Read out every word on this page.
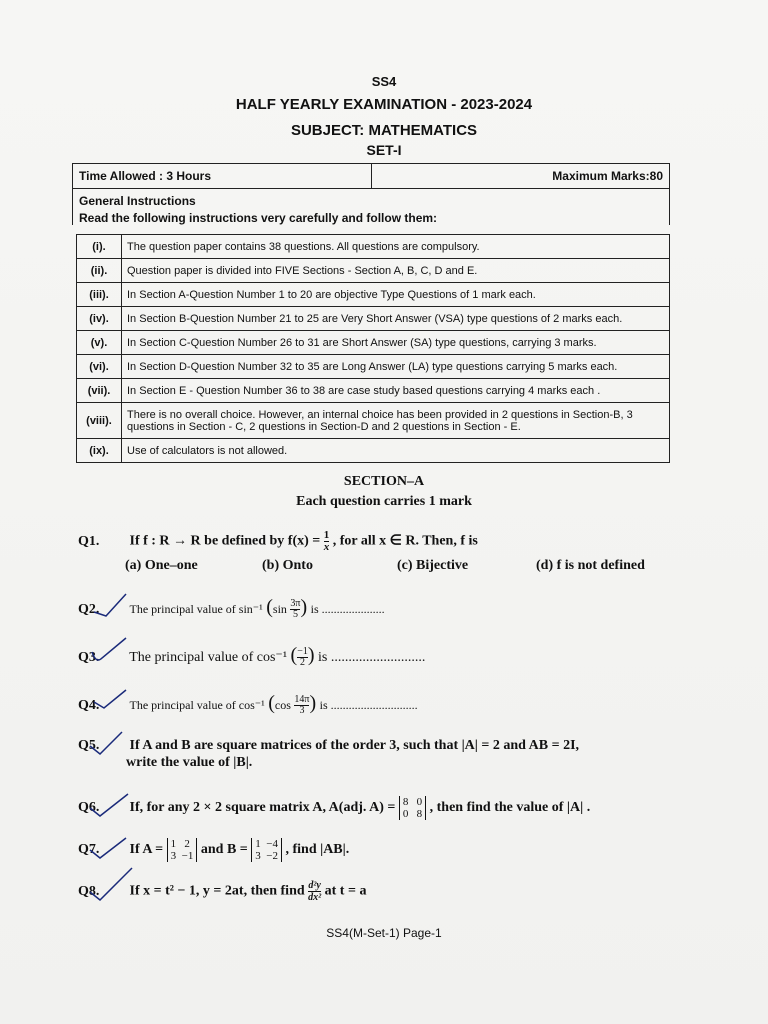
SS4
HALF YEARLY EXAMINATION - 2023-2024
SUBJECT: MATHEMATICS
SET-I
Time Allowed : 3 Hours	Maximum Marks:80
General Instructions
Read the following instructions very carefully and follow them:
(i).	The question paper contains 38 questions. All questions are compulsory.
(ii).	Question paper is divided into FIVE Sections - Section A, B, C, D and E.
(iii).	In Section A-Question Number 1 to 20 are objective Type Questions of 1 mark each.
(iv).	In Section B-Question Number 21 to 25 are Very Short Answer (VSA) type questions of 2 marks each.
(v).	In Section C-Question Number 26 to 31 are Short Answer (SA) type questions, carrying 3 marks.
(vi).	In Section D-Question Number 32 to 35 are Long Answer (LA) type questions carrying 5 marks each.
(vii).	In Section E - Question Number 36 to 38 are case study based questions carrying 4 marks each .
(viii).	There is no overall choice. However, an internal choice has been provided in 2 questions in Section-B, 3 questions in Section - C, 2 questions in Section-D and 2 questions in Section - E.
(ix).	Use of calculators is not allowed.
SECTION–A
Each question carries 1 mark
Q1. If f : R → R be defined by $f(x) = \frac{1}{x}$ , for all x ∈ R. Then, f is
(a) One–one	(b) Onto	(c) Bijective	(d) f is not defined
Q2.	The principal value of sin⁻¹ ($\sin \frac{3\pi}{5}$ ) is .....................
Q3. The principal value of cos⁻¹ ( $\frac{-1}{2}$ ) is ...........................
Q4.	The principal value of cos⁻¹ ($\cos \frac{14\pi}{3}$ ) is .............................
Q5. If A and B are square matrices of the order 3, such that |A| = 2 and AB = 2I,
write the value of |B|.
Q6. If, for any 2 × 2 square matrix A, A(adj. A) = 8 0
0 8 , then find the value of |A| .
Q7. If A = 1 2
3 −1 and B = 1 −4
3 −2 , find |AB|.
Q8. If x = t² − 1, y = 2at, then find $\frac{\text{d²y}}{\text{dx²}}$ at t = a
SS4(M-Set-1) Page-1
